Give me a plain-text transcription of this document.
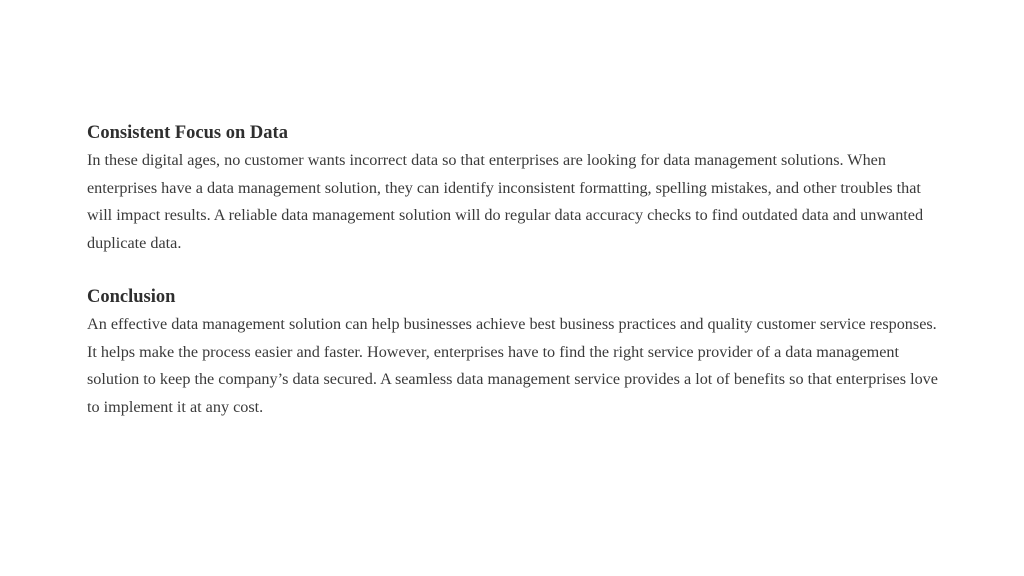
Consistent Focus on Data

In these digital ages, no customer wants incorrect data so that enterprises are looking for data management solutions. When enterprises have a data management solution, they can identify inconsistent formatting, spelling mistakes, and other troubles that will impact results. A reliable data management solution will do regular data accuracy checks to find outdated data and unwanted duplicate data.

Conclusion

An effective data management solution can help businesses achieve best business practices and quality customer service responses. It helps make the process easier and faster. However, enterprises have to find the right service provider of a data management solution to keep the company’s data secured. A seamless data management service provides a lot of benefits so that enterprises love to implement it at any cost.
